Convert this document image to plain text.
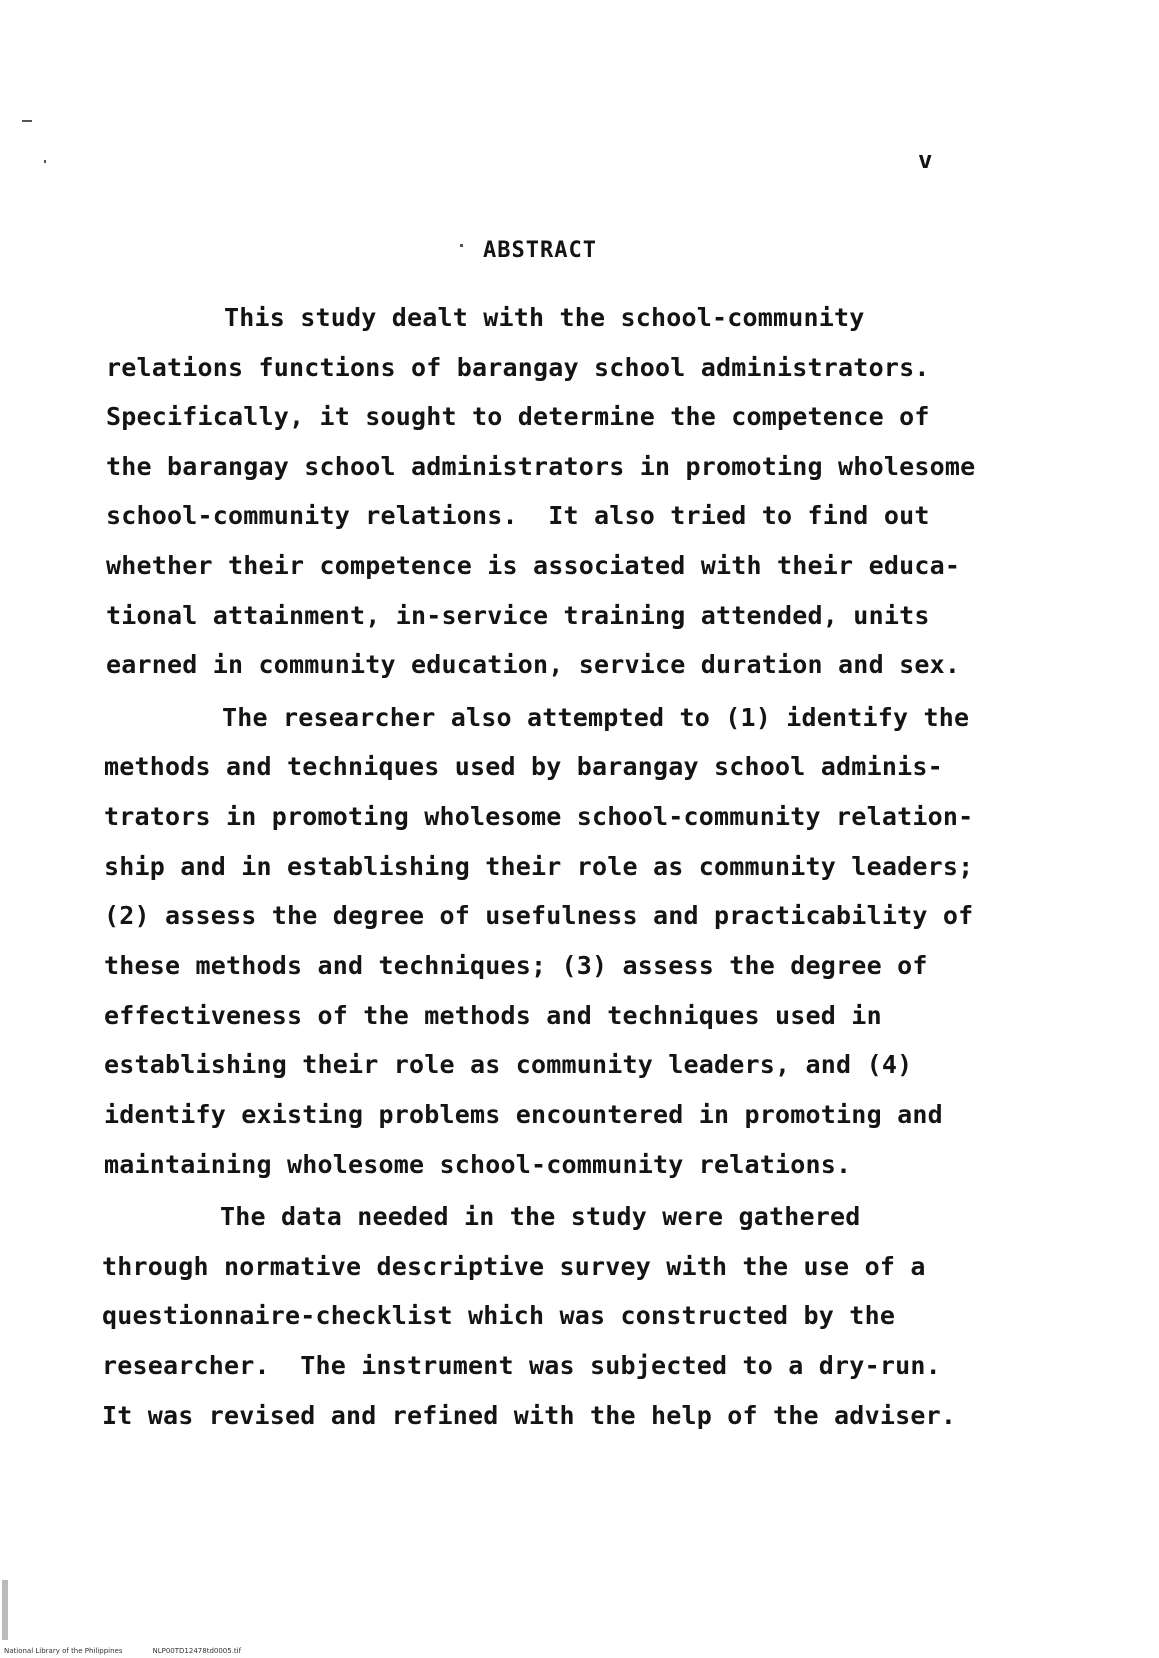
v
ABSTRACT
This study dealt with the school-community
relations functions of barangay school administrators.
Specifically, it sought to determine the competence of
the barangay school administrators in promoting wholesome
school-community relations.  It also tried to find out
whether their competence is associated with their educa-
tional attainment, in-service training attended, units
earned in community education, service duration and sex.
The researcher also attempted to (1) identify the
methods and techniques used by barangay school adminis-
trators in promoting wholesome school-community relation-
ship and in establishing their role as community leaders;
(2) assess the degree of usefulness and practicability of
these methods and techniques; (3) assess the degree of
effectiveness of the methods and techniques used in
establishing their role as community leaders, and (4)
identify existing problems encountered in promoting and
maintaining wholesome school-community relations.
The data needed in the study were gathered
through normative descriptive survey with the use of a
questionnaire-checklist which was constructed by the
researcher.  The instrument was subjected to a dry-run.
It was revised and refined with the help of the adviser.
National Library of the Philippines	NLP00TD12478td0005.tif
